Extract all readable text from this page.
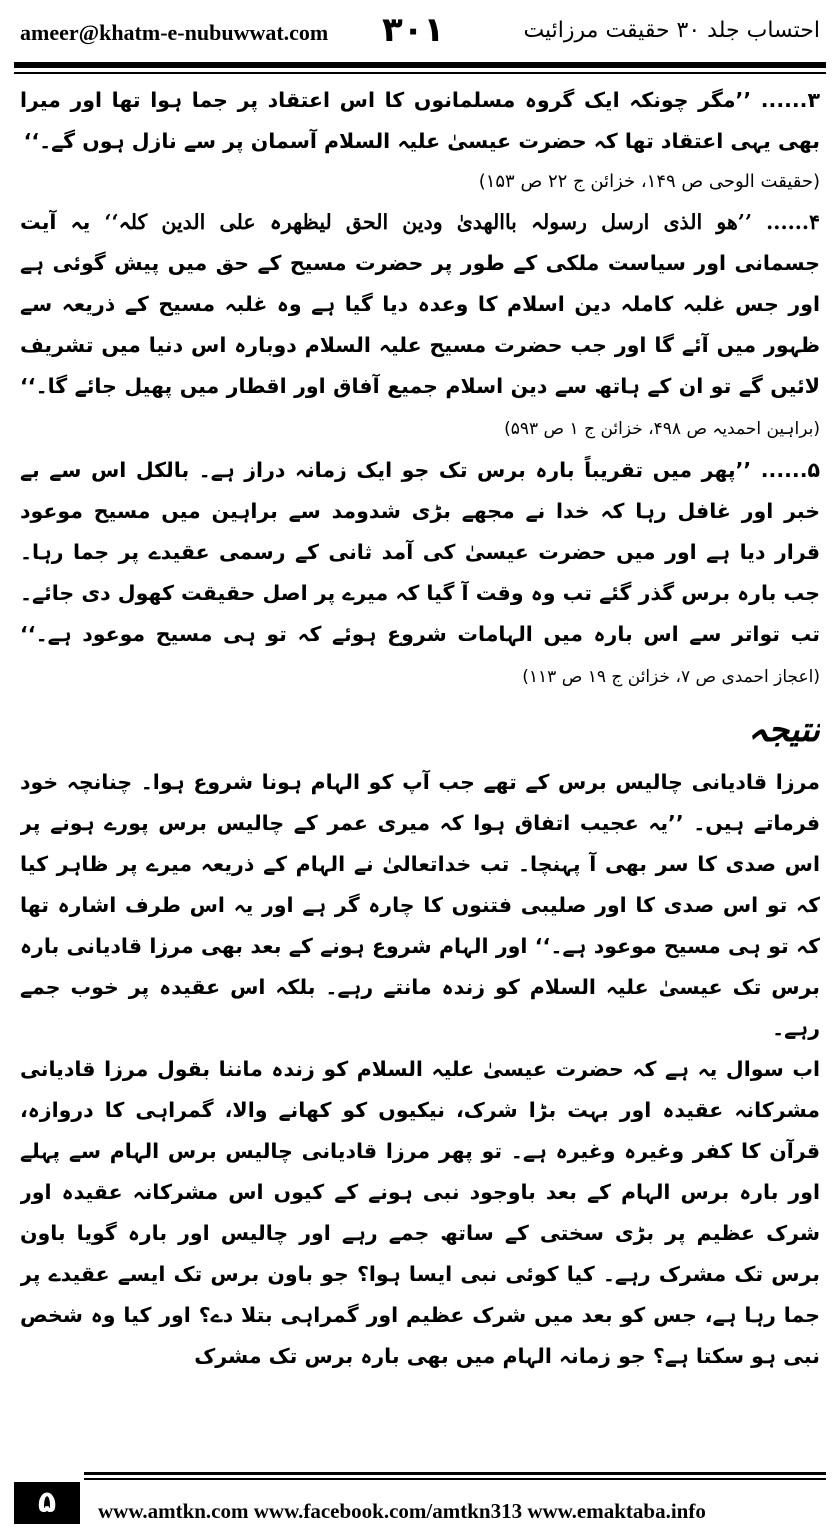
ameer@khatm-e-nubuwwat.com ۳۰۱	احتساب جلد ۳۰ حقیقت مرزائیت

۳...... ’’مگر چونکہ ایک گروہ مسلمانوں کا اس اعتقاد پر جما ہوا تھا اور میرا بھی یہی اعتقاد تھا کہ حضرت عیسیٰ علیہ السلام آسمان پر سے نازل ہوں گے۔‘‘

(حقیقت الوحی ص ۱۴۹، خزائن ج ۲۲ ص ۱۵۳)

۴...... ’’ھو الذی ارسل رسولہ باالھدیٰ ودین الحق لیظھرہ علی الدین کلہ‘‘ یہ آیت جسمانی اور سیاست ملکی کے طور پر حضرت مسیح کے حق میں پیش گوئی ہے اور جس غلبہ کاملہ دین اسلام کا وعدہ دیا گیا ہے وہ غلبہ مسیح کے ذریعہ سے ظہور میں آئے گا اور جب حضرت مسیح علیہ السلام دوبارہ اس دنیا میں تشریف لائیں گے تو ان کے ہاتھ سے دین اسلام جمیع آفاق اور اقطار میں پھیل جائے گا۔‘‘ (براہین احمدیہ ص ۴۹۸، خزائن ج ۱ ص ۵۹۳)

۵...... ’’پھر میں تقریباً بارہ برس تک جو ایک زمانہ دراز ہے۔ بالکل اس سے بے خبر اور غافل رہا کہ خدا نے مجھے بڑی شدومد سے براہین میں مسیح موعود قرار دیا ہے اور میں حضرت عیسیٰ کی آمد ثانی کے رسمی عقیدے پر جما رہا۔ جب بارہ برس گذر گئے تب وہ وقت آ گیا کہ میرے پر اصل حقیقت کھول دی جائے۔ تب تواتر سے اس بارہ میں الہامات شروع ہوئے کہ تو ہی مسیح موعود ہے۔‘‘ (اعجاز احمدی ص ۷، خزائن ج ۱۹ ص ۱۱۳)

نتیجہ

مرزا قادیانی چالیس برس کے تھے جب آپ کو الہام ہونا شروع ہوا۔ چنانچہ خود فرماتے ہیں۔ ’’یہ عجیب اتفاق ہوا کہ میری عمر کے چالیس برس پورے ہونے پر اس صدی کا سر بھی آ پہنچا۔ تب خداتعالیٰ نے الہام کے ذریعہ میرے پر ظاہر کیا کہ تو اس صدی کا اور صلیبی فتنوں کا چارہ گر ہے اور یہ اس طرف اشارہ تھا کہ تو ہی مسیح موعود ہے۔‘‘ اور الہام شروع ہونے کے بعد بھی مرزا قادیانی بارہ برس تک عیسیٰ علیہ السلام کو زندہ مانتے رہے۔ بلکہ اس عقیدہ پر خوب جمے رہے۔

اب سوال یہ ہے کہ حضرت عیسیٰ علیہ السلام کو زندہ ماننا بقول مرزا قادیانی مشرکانہ عقیدہ اور بہت بڑا شرک، نیکیوں کو کھانے والا، گمراہی کا دروازہ، قرآن کا کفر وغیرہ وغیرہ ہے۔ تو پھر مرزا قادیانی چالیس برس الہام سے پہلے اور بارہ برس الہام کے بعد باوجود نبی ہونے کے کیوں اس مشرکانہ عقیدہ اور شرک عظیم پر بڑی سختی کے ساتھ جمے رہے اور چالیس اور بارہ گویا باون برس تک مشرک رہے۔ کیا کوئی نبی ایسا ہوا؟ جو باون برس تک ایسے عقیدے پر جما رہا ہے، جس کو بعد میں شرک عظیم اور گمراہی بتلا دے؟ اور کیا وہ شخص نبی ہو سکتا ہے؟ جو زمانہ الہام میں بھی بارہ برس تک مشرک

۵	www.amtkn.com www.facebook.com/amtkn313 www.emaktaba.info
